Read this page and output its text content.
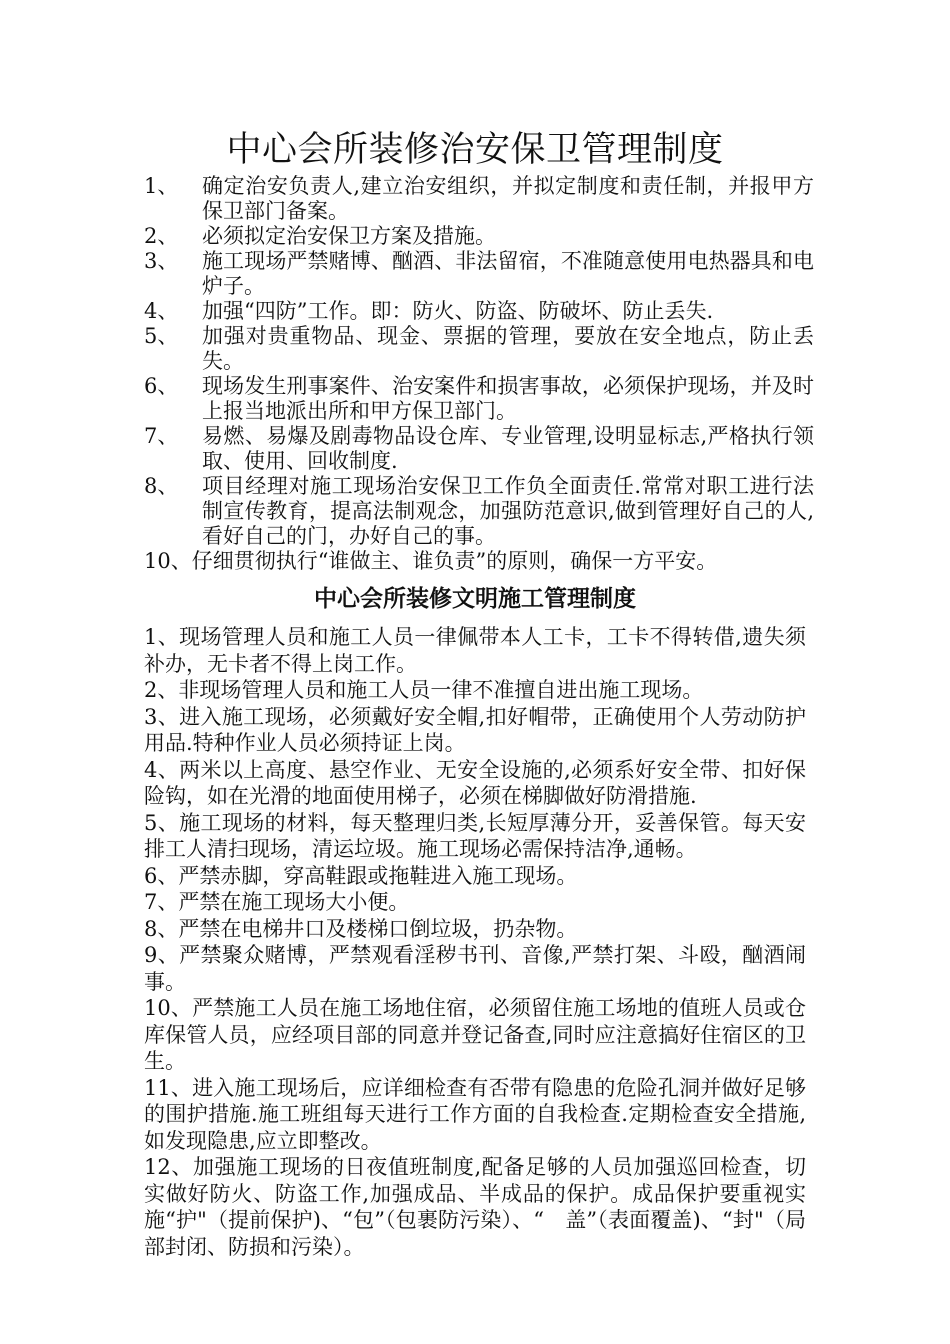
中心会所装修治安保卫管理制度
1、 确定治安负责人,建立治安组织，并拟定制度和责任制，并报甲方保卫部门备案。
2、 必须拟定治安保卫方案及措施。
3、 施工现场严禁赌博、酗酒、非法留宿，不准随意使用电热器具和电炉子。
4、 加强“四防”工作。即：防火、防盗、防破坏、防止丢失.
5、 加强对贵重物品、现金、票据的管理，要放在安全地点，防止丢失。
6、 现场发生刑事案件、治安案件和损害事故，必须保护现场，并及时上报当地派出所和甲方保卫部门。
7、 易燃、易爆及剧毒物品设仓库、专业管理,设明显标志,严格执行领取、使用、回收制度.
8、 项目经理对施工现场治安保卫工作负全面责任.常常对职工进行法制宣传教育，提高法制观念，加强防范意识,做到管理好自己的人,看好自己的门，办好自己的事。
10、仔细贯彻执行“谁做主、谁负责”的原则，确保一方平安。
中心会所装修文明施工管理制度
1、现场管理人员和施工人员一律佩带本人工卡，工卡不得转借,遗失须补办，无卡者不得上岗工作。
2、非现场管理人员和施工人员一律不准擅自进出施工现场。
3、进入施工现场，必须戴好安全帽,扣好帽带，正确使用个人劳动防护用品.特种作业人员必须持证上岗。
4、两米以上高度、悬空作业、无安全设施的,必须系好安全带、扣好保险钩，如在光滑的地面使用梯子，必须在梯脚做好防滑措施.
5、施工现场的材料，每天整理归类,长短厚薄分开，妥善保管。每天安排工人清扫现场，清运垃圾。施工现场必需保持洁净,通畅。
6、严禁赤脚，穿高鞋跟或拖鞋进入施工现场。
7、严禁在施工现场大小便。
8、严禁在电梯井口及楼梯口倒垃圾，扔杂物。
9、严禁聚众赌博，严禁观看淫秽书刊、音像,严禁打架、斗殴，酗酒闹事。
10、严禁施工人员在施工场地住宿，必须留住施工场地的值班人员或仓库保管人员，应经项目部的同意并登记备查,同时应注意搞好住宿区的卫生。
11、进入施工现场后，应详细检查有否带有隐患的危险孔洞并做好足够的围护措施.施工班组每天进行工作方面的自我检查.定期检查安全措施,如发现隐患,应立即整改。
12、加强施工现场的日夜值班制度,配备足够的人员加强巡回检查，切实做好防火、防盗工作,加强成品、半成品的保护。成品保护要重视实施“护"（提前保护)、“包”（包裹防污染）、“　盖”（表面覆盖)、“封"（局部封闭、防损和污染）。
